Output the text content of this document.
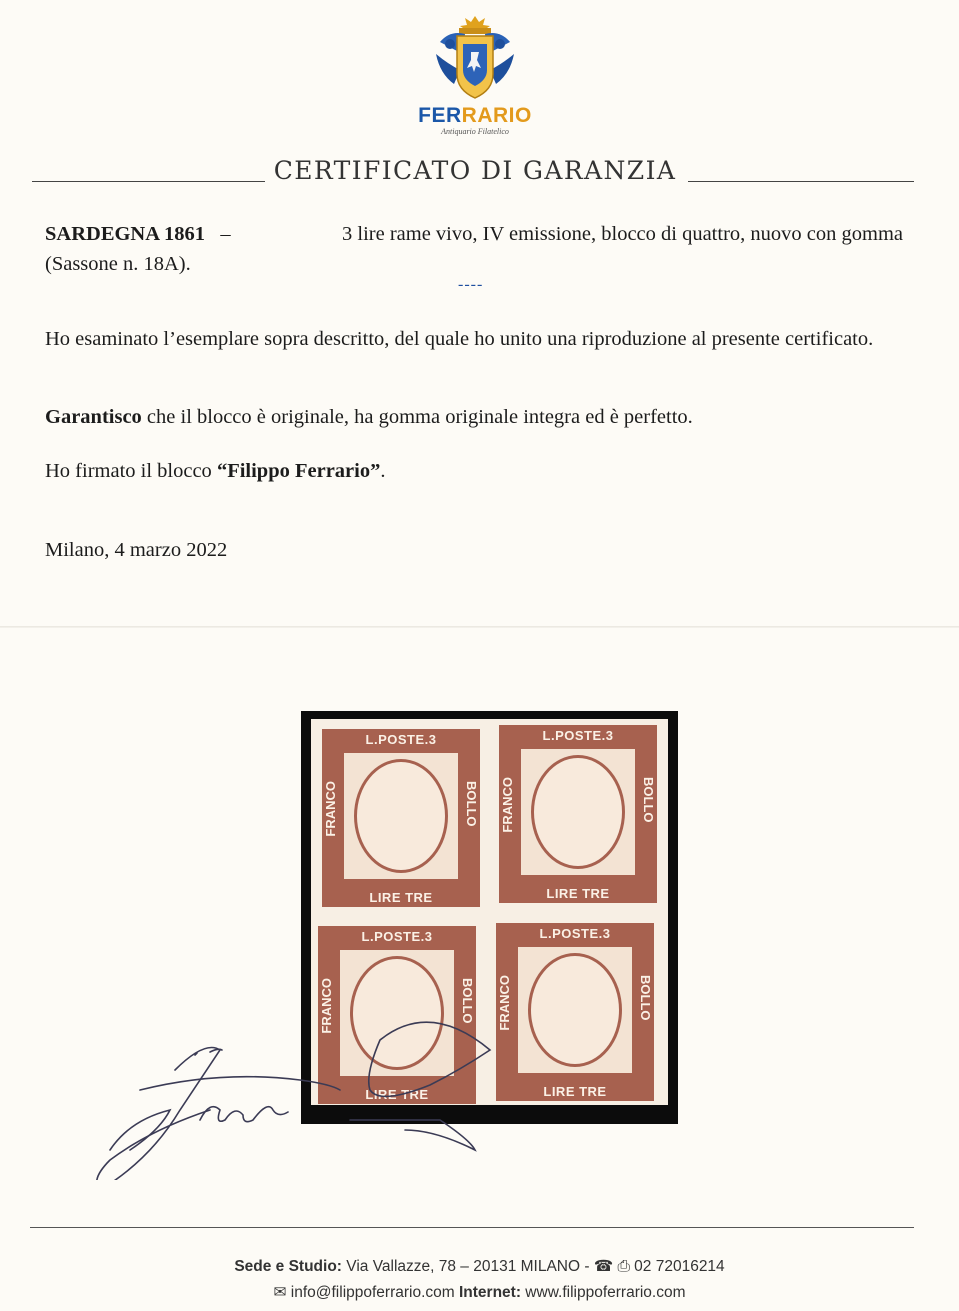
FERRARIO
Antiquario Filatelico
CERTIFICATO DI GARANZIA
SARDEGNA 1861 –	3 lire rame vivo, IV emissione, blocco di quattro, nuovo con gomma
(Sassone n. 18A).
----
Ho esaminato l’esemplare sopra descritto, del quale ho unito una riproduzione al presente certificato.
Garantisco che il blocco è originale, ha gomma originale integra ed è perfetto.
Ho firmato il blocco “Filippo Ferrario”.
Milano, 4 marzo 2022
L.POSTE.3
FRANCO	BOLLO
LIRE TRE
L.POSTE.3
FRANCO	BOLLO
LIRE TRE
L.POSTE.3
FRANCO	BOLLO
LIRE TRE
L.POSTE.3
FRANCO	BOLLO
LIRE TRE
Sede e Studio: Via Vallazze, 78 – 20131 MILANO - ☎ ⎙ 02 72016214
✉ info@filippoferrario.com Internet: www.filippoferrario.com
